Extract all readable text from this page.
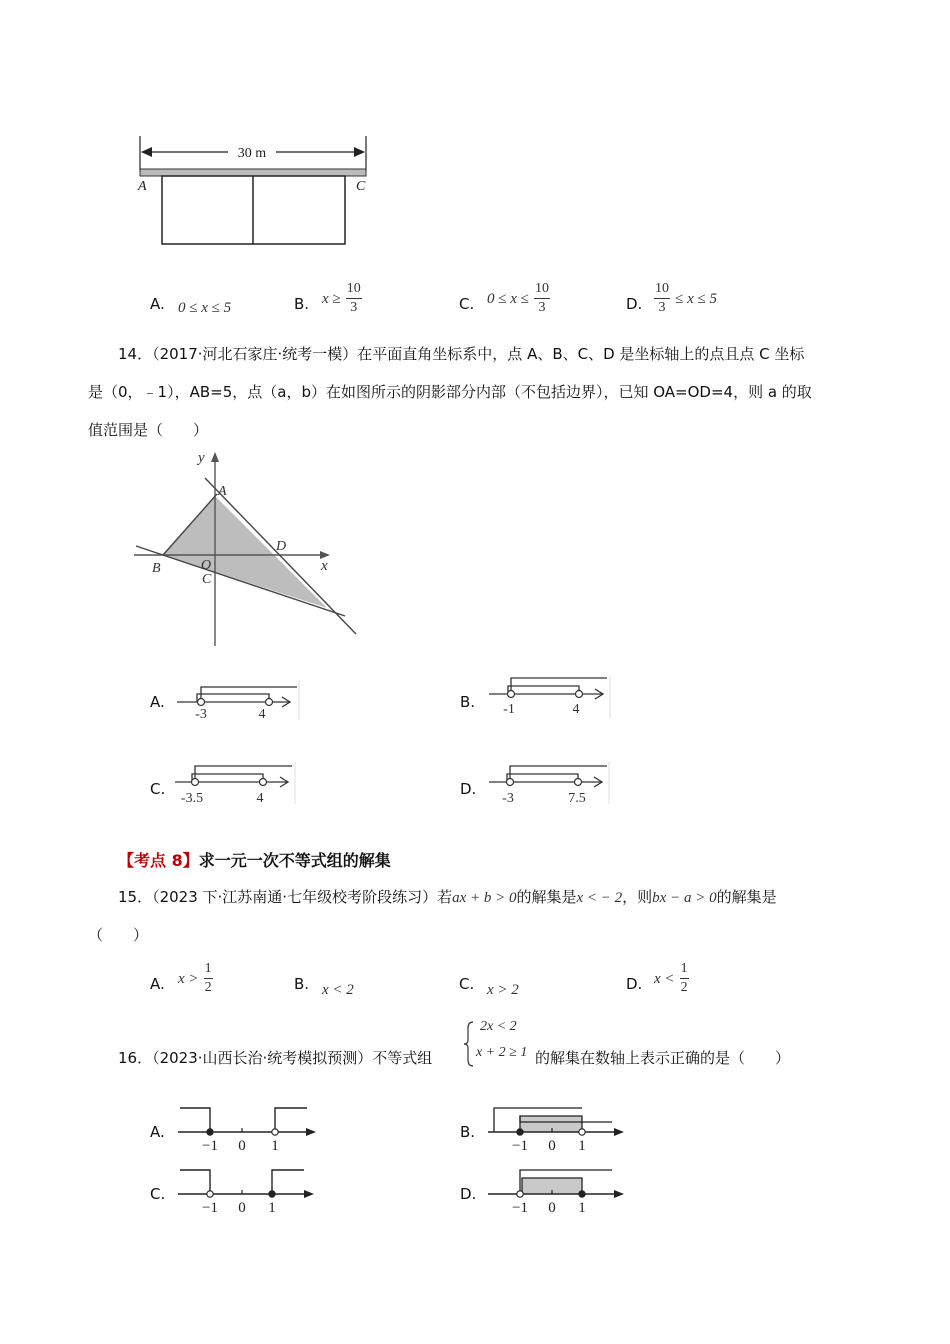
30 m
A	C
A. 0 ≤ x ≤ 5	B. $x \ge \frac{10}{3}$	C. $0 \le x \le \frac{10}{3}$	D. $\frac{10}{3} \le x \le 5$
14．（2017·河北石家庄·统考一模）在平面直角坐标系中，点 A、B、C、D 是坐标轴上的点且点 C 坐标
是（0，﹣1），AB=5，点（a，b）在如图所示的阴影部分内部（不包括边界），已知 OA=OD=4，则 a 的取
值范围是（　　）
y
x
A
B
C
D
O
A.
-3	4
B. -1	4
C.
-3.5	4
D.
-3	7.5
【考点 8】求一元一次不等式组的解集
15．（2023 下·江苏南通·七年级校考阶段练习）若ax + b > 0的解集是x < − 2，则bx − a > 0的解集是
（　　）
A. $x > \frac{1}{2}$	B. x < 2	C. x > 2	D. $x < \frac{1}{2}$
16．（2023·山西长治·统考模拟预测）不等式组
2x < 2
x + 2 ≥ 1 的解集在数轴上表示正确的是（　　）
A.
−1 0 1
B.
−1 0 1
C.
−1 0 1
D.
−1 0 1
